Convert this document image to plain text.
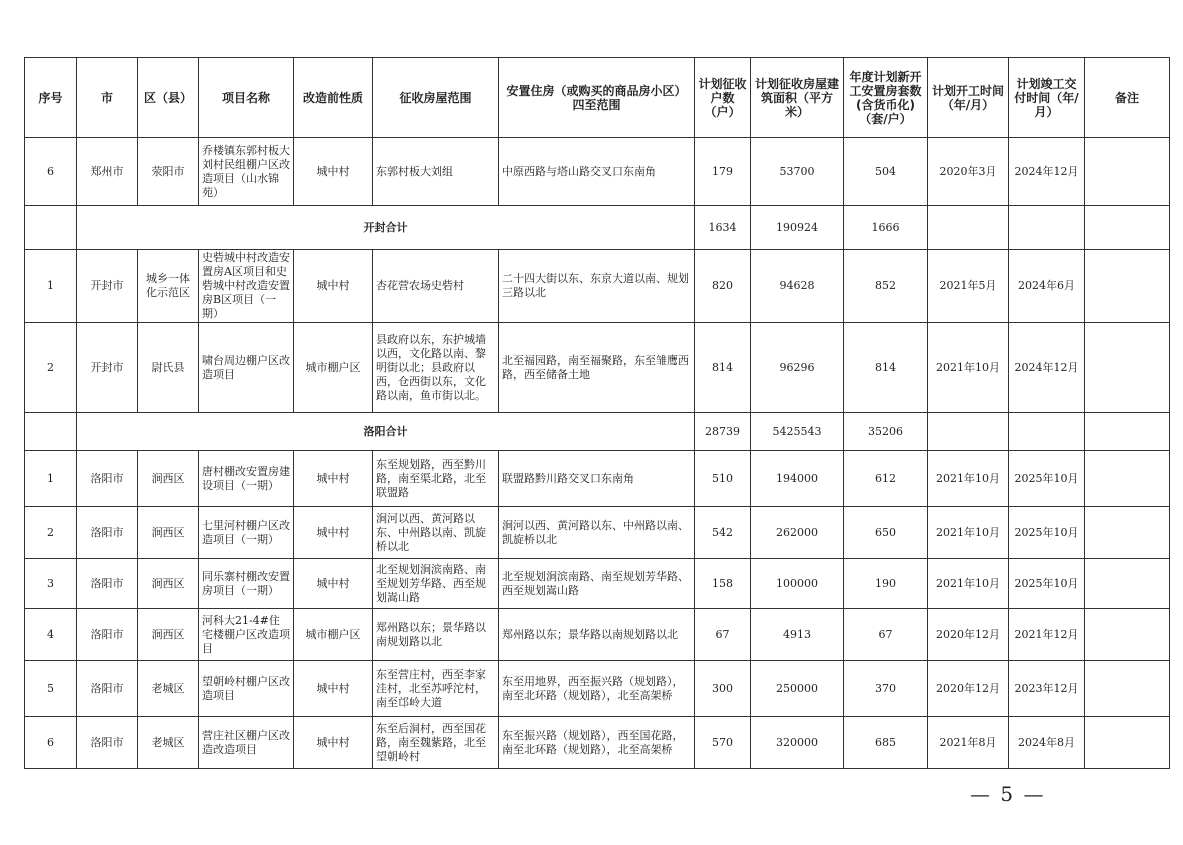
序号	市	区（县）	项目名称	改造前性质	征收房屋范围	安置住房（或购买的商品房小区）四至范围	计划征收户数（户）	计划征收房屋建筑面积（平方米）	年度计划新开工安置房套数(含货币化)（套/户）	计划开工时间（年/月）	计划竣工交付时间（年/月）	备注
6	郑州市	荥阳市	乔楼镇东郭村板大刘村民组棚户区改造项目（山水锦苑）	城中村	东郭村板大刘组	中原西路与塔山路交叉口东南角	179	53700	504	2020年3月	2024年12月	
	开封合计						1634	190924	1666			
1	开封市	城乡一体化示范区	史砦城中村改造安置房A区项目和史砦城中村改造安置房B区项目（一期）	城中村	杏花营农场史砦村	二十四大街以东、东京大道以南、规划三路以北	820	94628	852	2021年5月	2024年6月	
2	开封市	尉氏县	啸台周边棚户区改造项目	城市棚户区	县政府以东，东护城墙以西，文化路以南、黎明街以北；县政府以西，仓西街以东，文化路以南，鱼市街以北。	北至福园路，南至福聚路，东至雏鹰西路，西至储备土地	814	96296	814	2021年10月	2024年12月	
	洛阳合计						28739	5425543	35206			
1	洛阳市	涧西区	唐村棚改安置房建设项目（一期）	城中村	东至规划路，西至黔川路，南至渠北路，北至联盟路	联盟路黔川路交叉口东南角	510	194000	612	2021年10月	2025年10月	
2	洛阳市	涧西区	七里河村棚户区改造项目（一期）	城中村	涧河以西、黄河路以东、中州路以南、凯旋桥以北	涧河以西、黄河路以东、中州路以南、凯旋桥以北	542	262000	650	2021年10月	2025年10月	
3	洛阳市	涧西区	同乐寨村棚改安置房项目（一期）	城中村	北至规划涧滨南路、南至规划芳华路、西至规划嵩山路	北至规划涧滨南路、南至规划芳华路、西至规划嵩山路	158	100000	190	2021年10月	2025年10月	
4	洛阳市	涧西区	河科大21-4#住宅楼棚户区改造项目	城市棚户区	郑州路以东；景华路以南规划路以北	郑州路以东；景华路以南规划路以北	67	4913	67	2020年12月	2021年12月	
5	洛阳市	老城区	望朝岭村棚户区改造项目	城中村	东至营庄村，西至李家洼村，北至苏呼沱村，南至邙岭大道	东至用地界，西至振兴路（规划路），南至北环路（规划路），北至高架桥	300	250000	370	2020年12月	2023年12月	
6	洛阳市	老城区	营庄社区棚户区改造改造项目	城中村	东至后洞村，西至国花路，南至魏紫路，北至望朝岭村	东至振兴路（规划路），西至国花路，南至北环路（规划路），北至高架桥	570	320000	685	2021年8月	2024年8月	
— 5 —
